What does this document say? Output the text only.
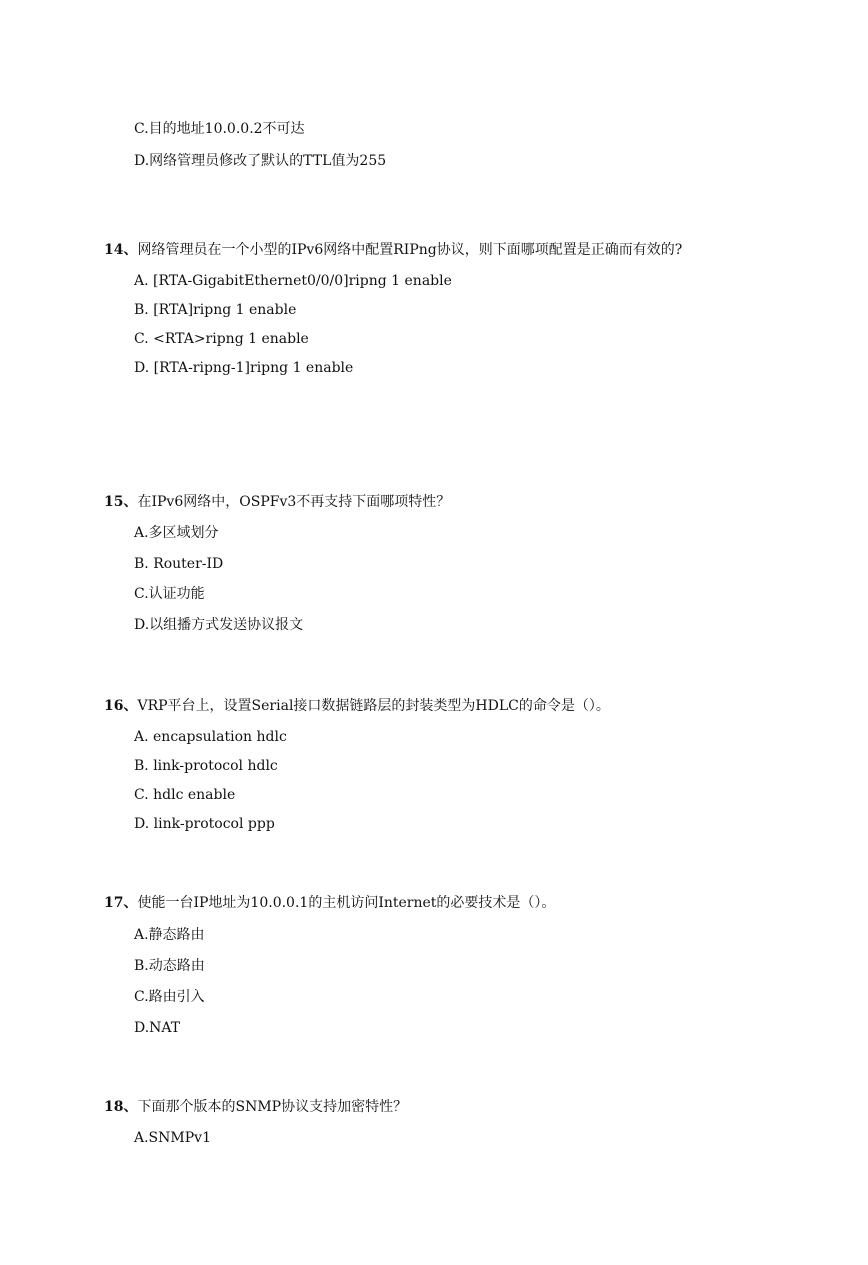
C.目的地址10.0.0.2不可达
D.网络管理员修改了默认的TTL值为255
14、网络管理员在一个小型的IPv6网络中配置RIPng协议，则下面哪项配置是正确而有效的?
A. [RTA-GigabitEthernet0/0/0]ripng 1 enable
B. [RTA]ripng 1 enable
C. <RTA>ripng 1 enable
D. [RTA-ripng-1]ripng 1 enable
15、在IPv6网络中，OSPFv3不再支持下面哪项特性？
A.多区域划分
B. Router-ID
C.认证功能
D.以组播方式发送协议报文
16、VRP平台上，设置Serial接口数据链路层的封装类型为HDLC的命令是（）。
A. encapsulation hdlc
B. link-protocol hdlc
C. hdlc enable
D. link-protocol ppp
17、使能一台IP地址为10.0.0.1的主机访问Internet的必要技术是（）。
A.静态路由
B.动态路由
C.路由引入
D.NAT
18、下面那个版本的SNMP协议支持加密特性？
A.SNMPv1
